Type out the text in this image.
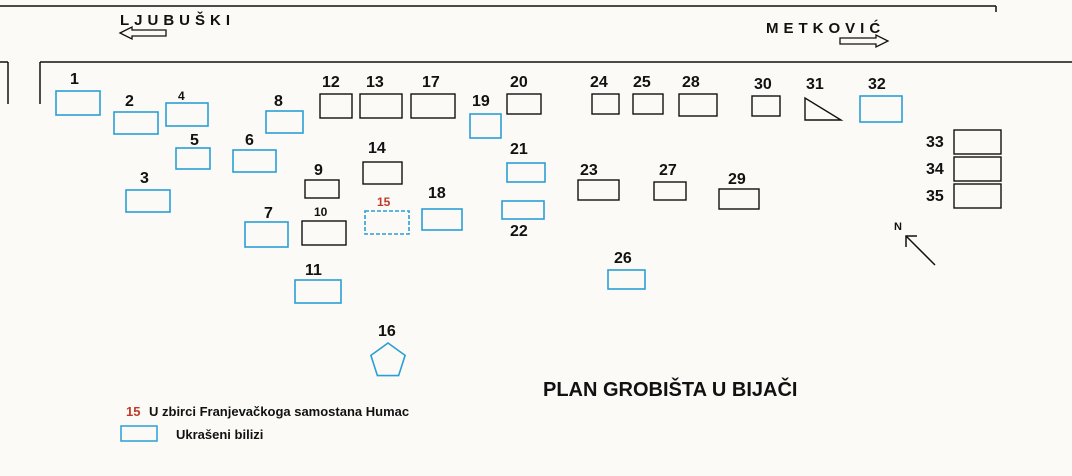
LJUBUŠKI	METKOVIĆ
1
2
3
4
5	6
7
8
9
10
11
12 13
14
15
16
17
18
19
20
21
22
23
24 25
26
27
28
29
30 31	32
33
34
35
N
PLAN GROBIŠTA U BIJAČI
15 U zbirci Franjevačkoga samostana Humac
Ukrašeni bilizi
